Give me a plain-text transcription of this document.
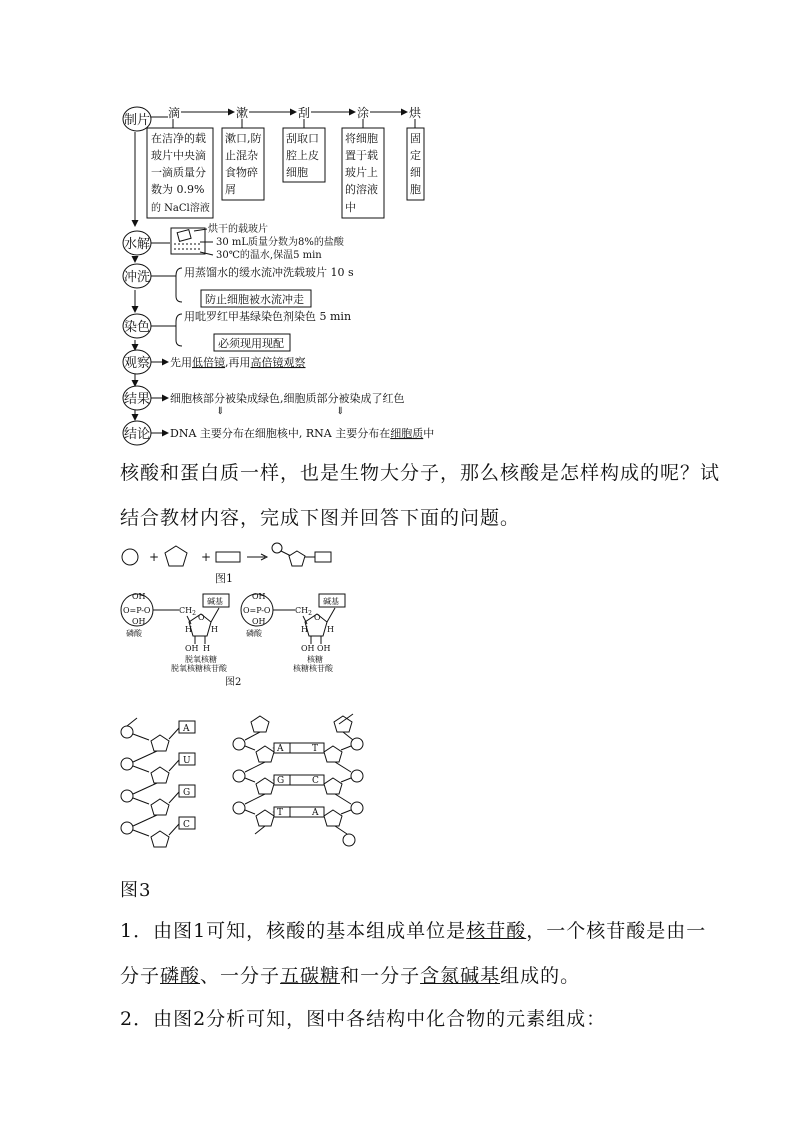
制片
水解
冲洗
染色
观察
结果
结论
滴	漱	刮	涂	烘
在洁净的载
玻片中央滴
一滴质量分
数为 0.9%
的 NaCl溶液
漱口,防
止混杂
食物碎
屑
刮取口
腔上皮
细胞
将细胞
置于载
玻片上
的溶液
中
固
定
细
胞
烘干的载玻片
30 mL质量分数为8%的盐酸
30℃的温水,保温5 min
用蒸馏水的缓水流冲洗载玻片 10 s
防止细胞被水流冲走
用吡罗红甲基绿染色剂染色 5 min
必须现用现配
先用低倍镜,再用高倍镜观察
细胞核部分被染成绿色,细胞质部分被染成了红色
⇓	⇓
DNA 主要分布在细胞核中, RNA 主要分布在细胞质中
核酸和蛋白质一样，也是生物大分子，那么核酸是怎样构成的呢？试
结合教材内容，完成下图并回答下面的问题。
+	+
图1
OH
O=P-O
OH
$CH_2$ O
H H
OH H
碱基
磷酸
脱氧核糖
脱氧核糖核苷酸
OH
O=P-O
OH
$CH_2$ O
H H
OH OH
碱基
磷酸
核糖
核糖核苷酸
图2
A
U
G
C
A	T
G	C
T	A
图3
1．由图1可知，核酸的基本组成单位是核苷酸，一个核苷酸是由一
分子磷酸、一分子五碳糖和一分子含氮碱基组成的。
2．由图2分析可知，图中各结构中化合物的元素组成：
